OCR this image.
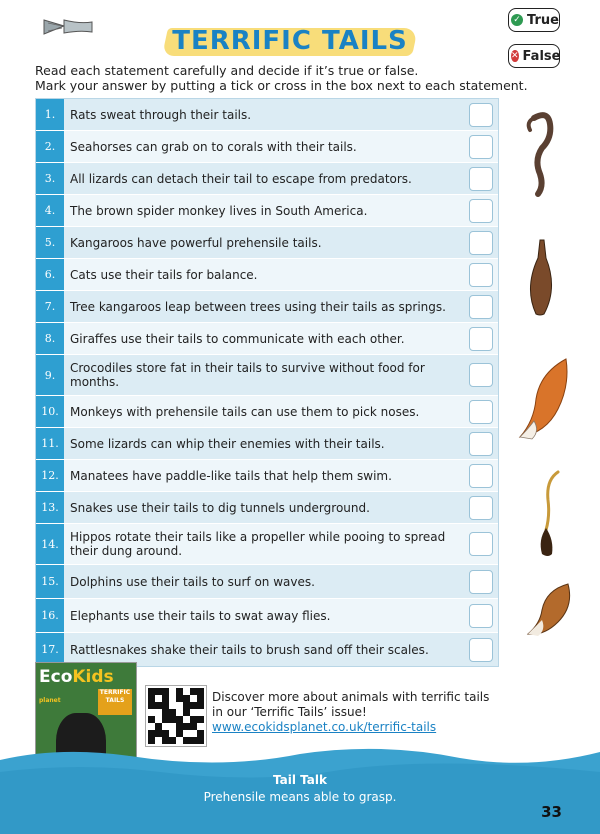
TERRIFIC TAILS
✓ True
✕ False
Read each statement carefully and decide if it’s true or false.
Mark your answer by putting a tick or cross in the box next to each statement.
1.	Rats sweat through their tails.
2.	Seahorses can grab on to corals with their tails.
3.	All lizards can detach their tail to escape from predators.
4.	The brown spider monkey lives in South America.
5.	Kangaroos have powerful prehensile tails.
6.	Cats use their tails for balance.
7.	Tree kangaroos leap between trees using their tails as springs.
8.	Giraffes use their tails to communicate with each other.
9.	Crocodiles store fat in their tails to survive without food for months.
10. Monkeys with prehensile tails can use them to pick noses.
11. Some lizards can whip their enemies with their tails.
12. Manatees have paddle-like tails that help them swim.
13. Snakes use their tails to dig tunnels underground.
14. Hippos rotate their tails like a propeller while pooing to spread their dung around.
15. Dolphins use their tails to surf on waves.
16. Elephants use their tails to swat away flies.
17. Rattlesnakes shake their tails to brush sand off their scales.
EcoKids planet
TERRIFIC TAILS	Discover more about animals with terrific tails
in our ‘Terrific Tails’ issue!
www.ecokidsplanet.co.uk/terrific-tails
Tail Talk
Prehensile means able to grasp.
33
